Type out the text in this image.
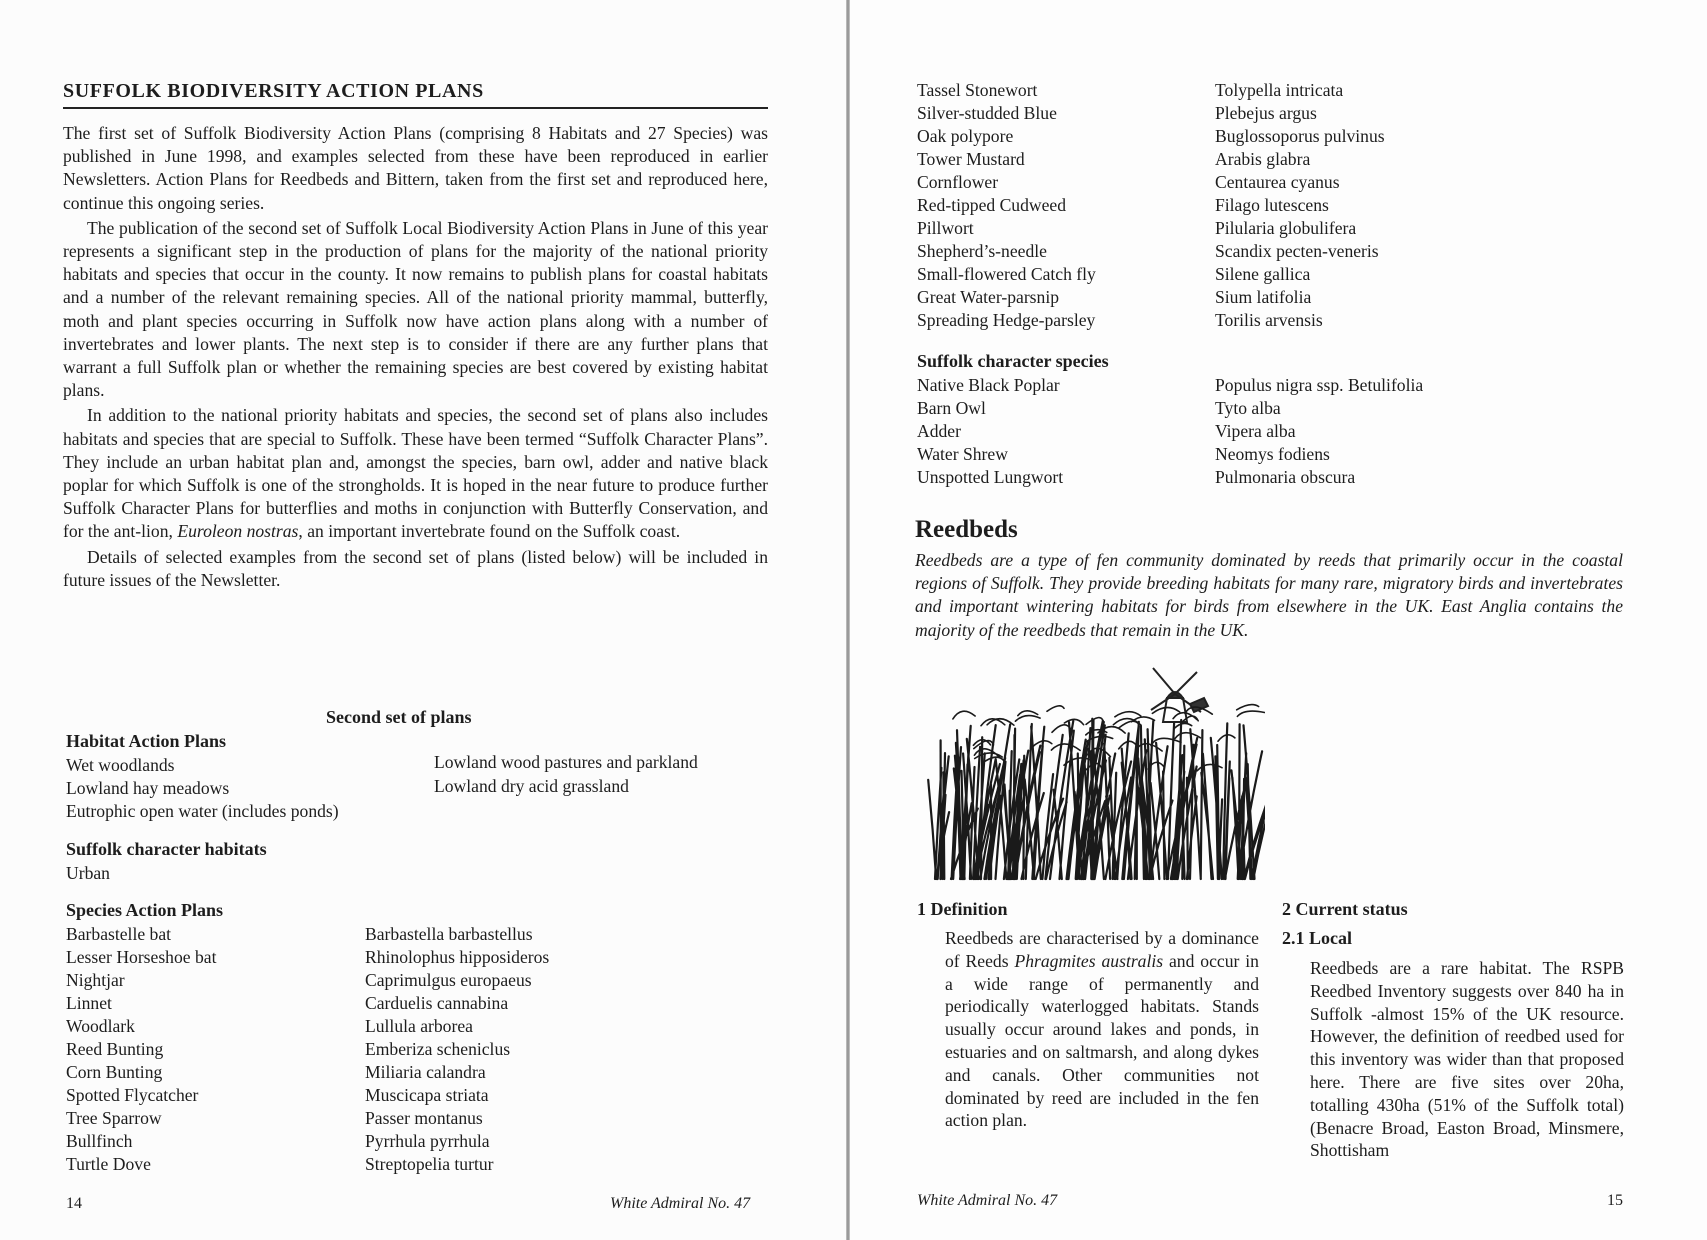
SUFFOLK BIODIVERSITY ACTION PLANS

The first set of Suffolk Biodiversity Action Plans (comprising 8 Habitats and 27 Species) was published in June 1998, and examples selected from these have been reproduced in earlier Newsletters. Action Plans for Reedbeds and Bittern, taken from the first set and reproduced here, continue this ongoing series.

The publication of the second set of Suffolk Local Biodiversity Action Plans in June of this year represents a significant step in the production of plans for the majority of the national priority habitats and species that occur in the county. It now remains to publish plans for coastal habitats and a number of the relevant remaining species. All of the national priority mammal, butterfly, moth and plant species occurring in Suffolk now have action plans along with a number of invertebrates and lower plants. The next step is to consider if there are any further plans that warrant a full Suffolk plan or whether the remaining species are best covered by existing habitat plans.

In addition to the national priority habitats and species, the second set of plans also includes habitats and species that are special to Suffolk. These have been termed “Suffolk Character Plans”. They include an urban habitat plan and, amongst the species, barn owl, adder and native black poplar for which Suffolk is one of the strongholds. It is hoped in the near future to produce further Suffolk Character Plans for butterflies and moths in conjunction with Butterfly Conservation, and for the ant-lion, Euroleon nostras, an important invertebrate found on the Suffolk coast.

Details of selected examples from the second set of plans (listed below) will be included in future issues of the Newsletter.

Second set of plans
Habitat Action Plans
Wet woodlands
Lowland hay meadows
Eutrophic open water (includes ponds)
Lowland wood pastures and parkland
Lowland dry acid grassland
Suffolk character habitats
Urban
Species Action Plans
Barbastelle bat	Barbastella barbastellus
Lesser Horseshoe bat	Rhinolophus hipposideros
Nightjar	Caprimulgus europaeus
Linnet	Carduelis cannabina
Woodlark	Lullula arborea
Reed Bunting	Emberiza scheniclus
Corn Bunting	Miliaria calandra
Spotted Flycatcher	Muscicapa striata
Tree Sparrow	Passer montanus
Bullfinch	Pyrrhula pyrrhula
Turtle Dove	Streptopelia turtur
14	White Admiral No. 47
Tassel Stonewort	Tolypella intricata
Silver-studded Blue	Plebejus argus
Oak polypore	Buglossoporus pulvinus
Tower Mustard	Arabis glabra
Cornflower	Centaurea cyanus
Red-tipped Cudweed	Filago lutescens
Pillwort	Pilularia globulifera
Shepherd’s-needle	Scandix pecten-veneris
Small-flowered Catch fly	Silene gallica
Great Water-parsnip	Sium latifolia
Spreading Hedge-parsley	Torilis arvensis
Suffolk character species
Native Black Poplar	Populus nigra ssp. Betulifolia
Barn Owl	Tyto alba
Adder	Vipera alba
Water Shrew	Neomys fodiens
Unspotted Lungwort	Pulmonaria obscura
Reedbeds

Reedbeds are a type of fen community dominated by reeds that primarily occur in the coastal regions of Suffolk. They provide breeding habitats for many rare, migratory birds and invertebrates and important wintering habitats for birds from elsewhere in the UK. East Anglia contains the majority of the reedbeds that remain in the UK.

1 Definition

Reedbeds are characterised by a dominance of Reeds Phragmites australis and occur in a wide range of permanently and periodically waterlogged habitats. Stands usually occur around lakes and ponds, in estuaries and on saltmarsh, and along dykes and canals. Other communities not dominated by reed are included in the fen action plan.

2 Current status
2.1 Local

Reedbeds are a rare habitat. The RSPB Reedbed Inventory suggests over 840 ha in Suffolk -almost 15% of the UK resource. However, the definition of reedbed used for this inventory was wider than that proposed here. There are five sites over 20ha, totalling 430ha (51% of the Suffolk total) (Benacre Broad, Easton Broad, Minsmere, Shottisham

White Admiral No. 47	15
